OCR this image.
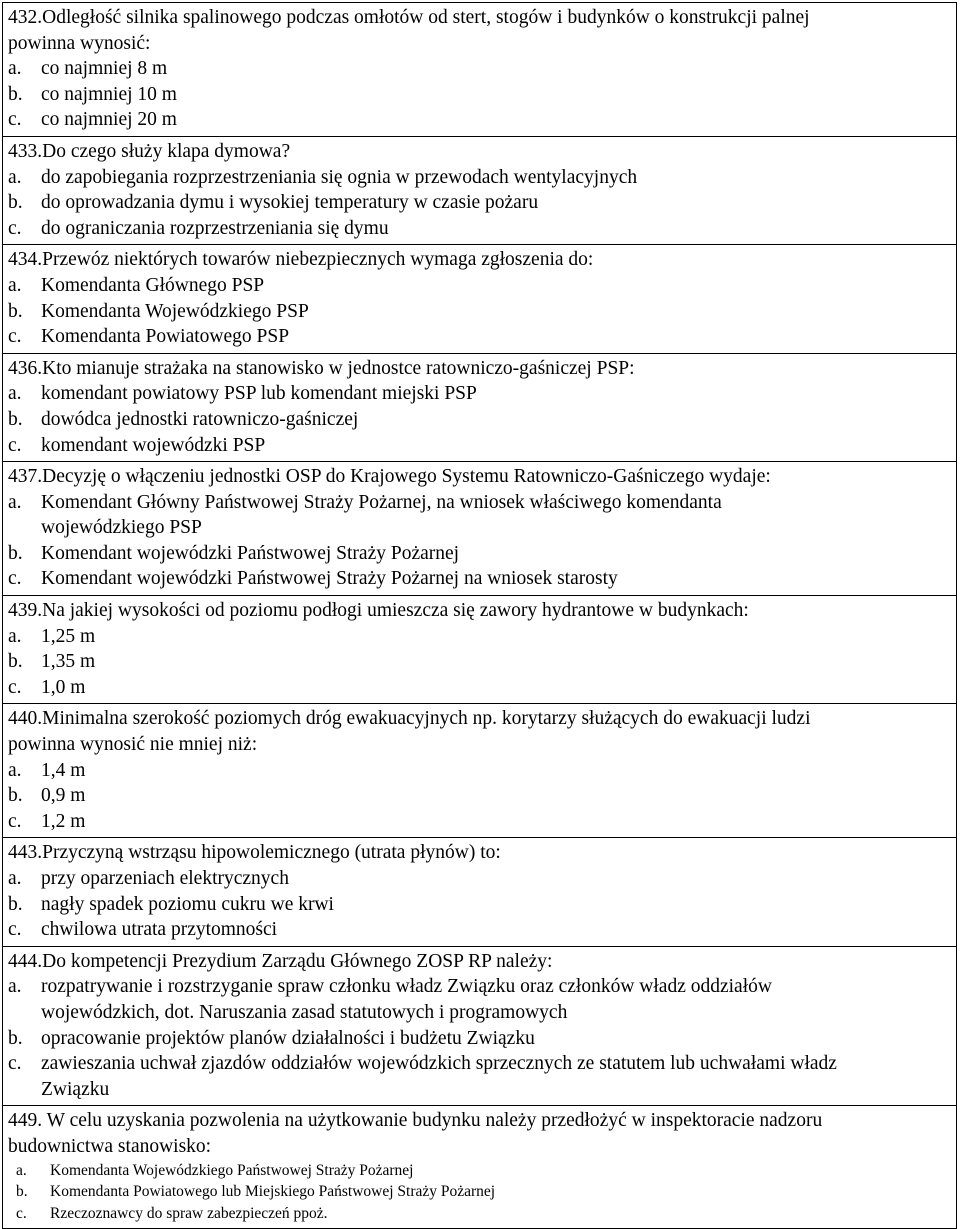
432.Odległość silnika spalinowego podczas omłotów od stert, stogów i budynków o konstrukcji palnej
powinna wynosić:
a. co najmniej 8 m
b. co najmniej 10 m
c. co najmniej 20 m

433.Do czego służy klapa dymowa?
a. do zapobiegania rozprzestrzeniania się ognia w przewodach wentylacyjnych
b. do oprowadzania dymu i wysokiej temperatury w czasie pożaru
c. do ograniczania rozprzestrzeniania się dymu

434.Przewóz niektórych towarów niebezpiecznych wymaga zgłoszenia do:
a. Komendanta Głównego PSP
b. Komendanta Wojewódzkiego PSP
c. Komendanta Powiatowego PSP

436.Kto mianuje strażaka na stanowisko w jednostce ratowniczo-gaśniczej PSP:
a. komendant powiatowy PSP lub komendant miejski PSP
b. dowódca jednostki ratowniczo-gaśniczej
c. komendant wojewódzki PSP

437.Decyzję o włączeniu jednostki OSP do Krajowego Systemu Ratowniczo-Gaśniczego wydaje:
a. Komendant Główny Państwowej Straży Pożarnej, na wniosek właściwego komendanta
wojewódzkiego PSP
b. Komendant wojewódzki Państwowej Straży Pożarnej
c. Komendant wojewódzki Państwowej Straży Pożarnej na wniosek starosty

439.Na jakiej wysokości od poziomu podłogi umieszcza się zawory hydrantowe w budynkach:
a. 1,25 m
b. 1,35 m
c. 1,0 m

440.Minimalna szerokość poziomych dróg ewakuacyjnych np. korytarzy służących do ewakuacji ludzi
powinna wynosić nie mniej niż:
a. 1,4 m
b. 0,9 m
c. 1,2 m

443.Przyczyną wstrząsu hipowolemicznego (utrata płynów) to:
a. przy oparzeniach elektrycznych
b. nagły spadek poziomu cukru we krwi
c. chwilowa utrata przytomności

444.Do kompetencji Prezydium Zarządu Głównego ZOSP RP należy:
a. rozpatrywanie i rozstrzyganie spraw członku władz Związku oraz członków władz oddziałów
wojewódzkich, dot. Naruszania zasad statutowych i programowych
b. opracowanie projektów planów działalności i budżetu Związku
c. zawieszania uchwał zjazdów oddziałów wojewódzkich sprzecznych ze statutem lub uchwałami władz
Związku

449. W celu uzyskania pozwolenia na użytkowanie budynku należy przedłożyć w inspektoracie nadzoru
budownictwa stanowisko:
a.	Komendanta Wojewódzkiego Państwowej Straży Pożarnej
b.	Komendanta Powiatowego lub Miejskiego Państwowej Straży Pożarnej
c.	Rzeczoznawcy do spraw zabezpieczeń ppoż.
